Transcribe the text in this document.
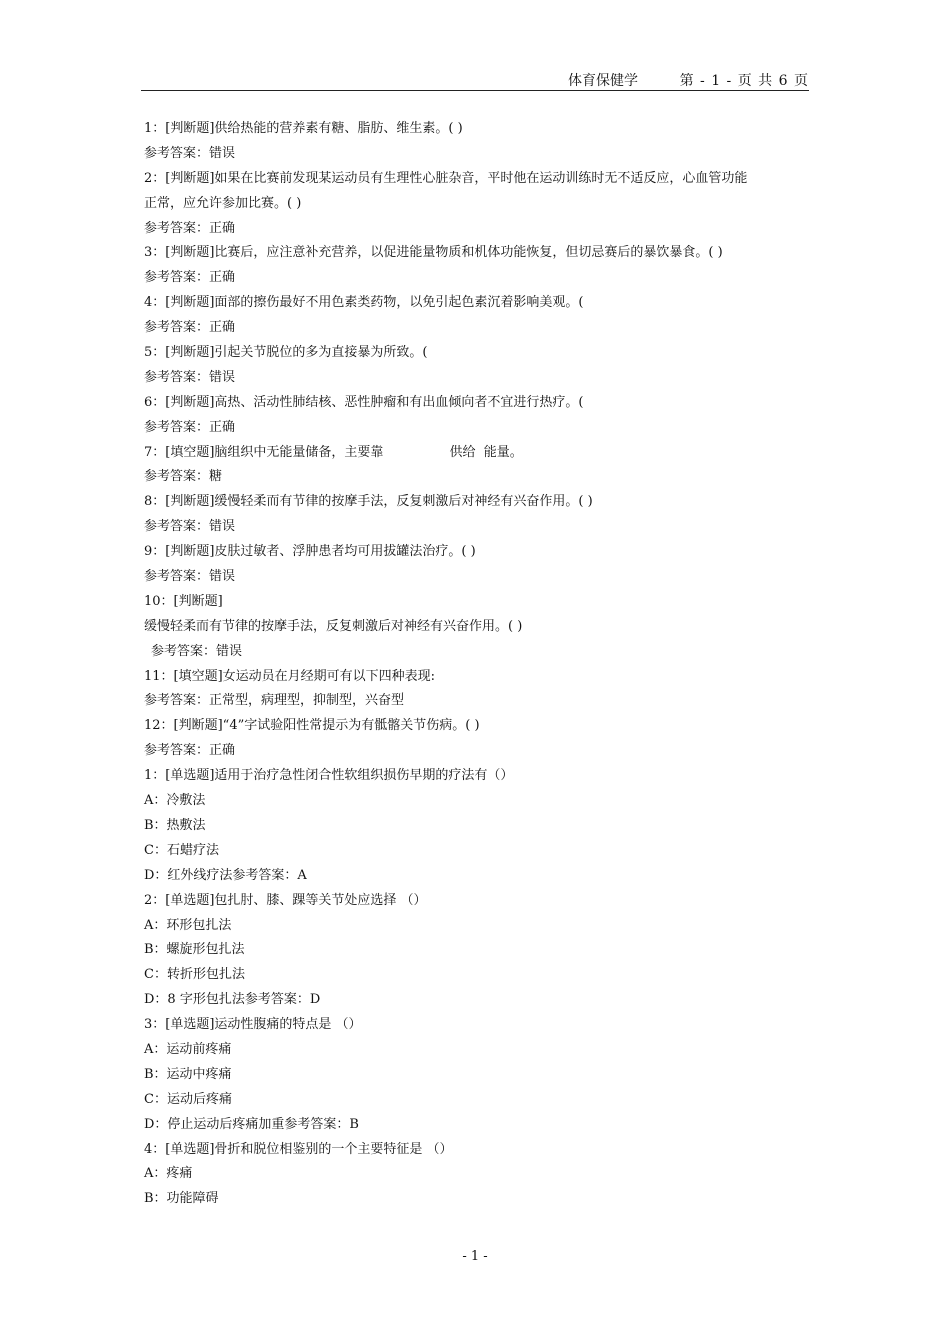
体育保健学	第 - 1 - 页 共 6 页
1：[判断题]供给热能的营养素有糖、脂肪、维生素。( )
参考答案：错误
2：[判断题]如果在比赛前发现某运动员有生理性心脏杂音，平时他在运动训练时无不适反应，心血管功能
正常，应允许参加比赛。( )
参考答案：正确
3：[判断题]比赛后，应注意补充营养，以促进能量物质和机体功能恢复，但切忌赛后的暴饮暴食。( )
参考答案：正确
4：[判断题]面部的擦伤最好不用色素类药物，以免引起色素沉着影响美观。(
参考答案：正确
5：[判断题]引起关节脱位的多为直接暴为所致。(
参考答案：错误
6：[判断题]高热、活动性肺结核、恶性肿瘤和有出血倾向者不宜进行热疗。(
参考答案：正确
7：[填空题]脑组织中无能量储备，主要靠                供给  能量。
参考答案：糖
8：[判断题]缓慢轻柔而有节律的按摩手法，反复刺激后对神经有兴奋作用。( )
参考答案：错误
9：[判断题]皮肤过敏者、浮肿患者均可用拔罐法治疗。( )
参考答案：错误
10：[判断题]
缓慢轻柔而有节律的按摩手法，反复刺激后对神经有兴奋作用。( )
参考答案：错误
11：[填空题]女运动员在月经期可有以下四种表现:
参考答案：正常型，病理型，抑制型，兴奋型
12：[判断题]“4”字试验阳性常提示为有骶髂关节伤病。( )
参考答案：正确
1：[单选题]适用于治疗急性闭合性软组织损伤早期的疗法有（）
A：冷敷法
B：热敷法
C：石蜡疗法
D：红外线疗法参考答案：A
2：[单选题]包扎肘、膝、踝等关节处应选择 （）
A：环形包扎法
B：螺旋形包扎法
C：转折形包扎法
D：8 字形包扎法参考答案：D
3：[单选题]运动性腹痛的特点是 （）
A：运动前疼痛
B：运动中疼痛
C：运动后疼痛
D：停止运动后疼痛加重参考答案：B
4：[单选题]骨折和脱位相鉴别的一个主要特征是 （）
A：疼痛
B：功能障碍
- 1 -
